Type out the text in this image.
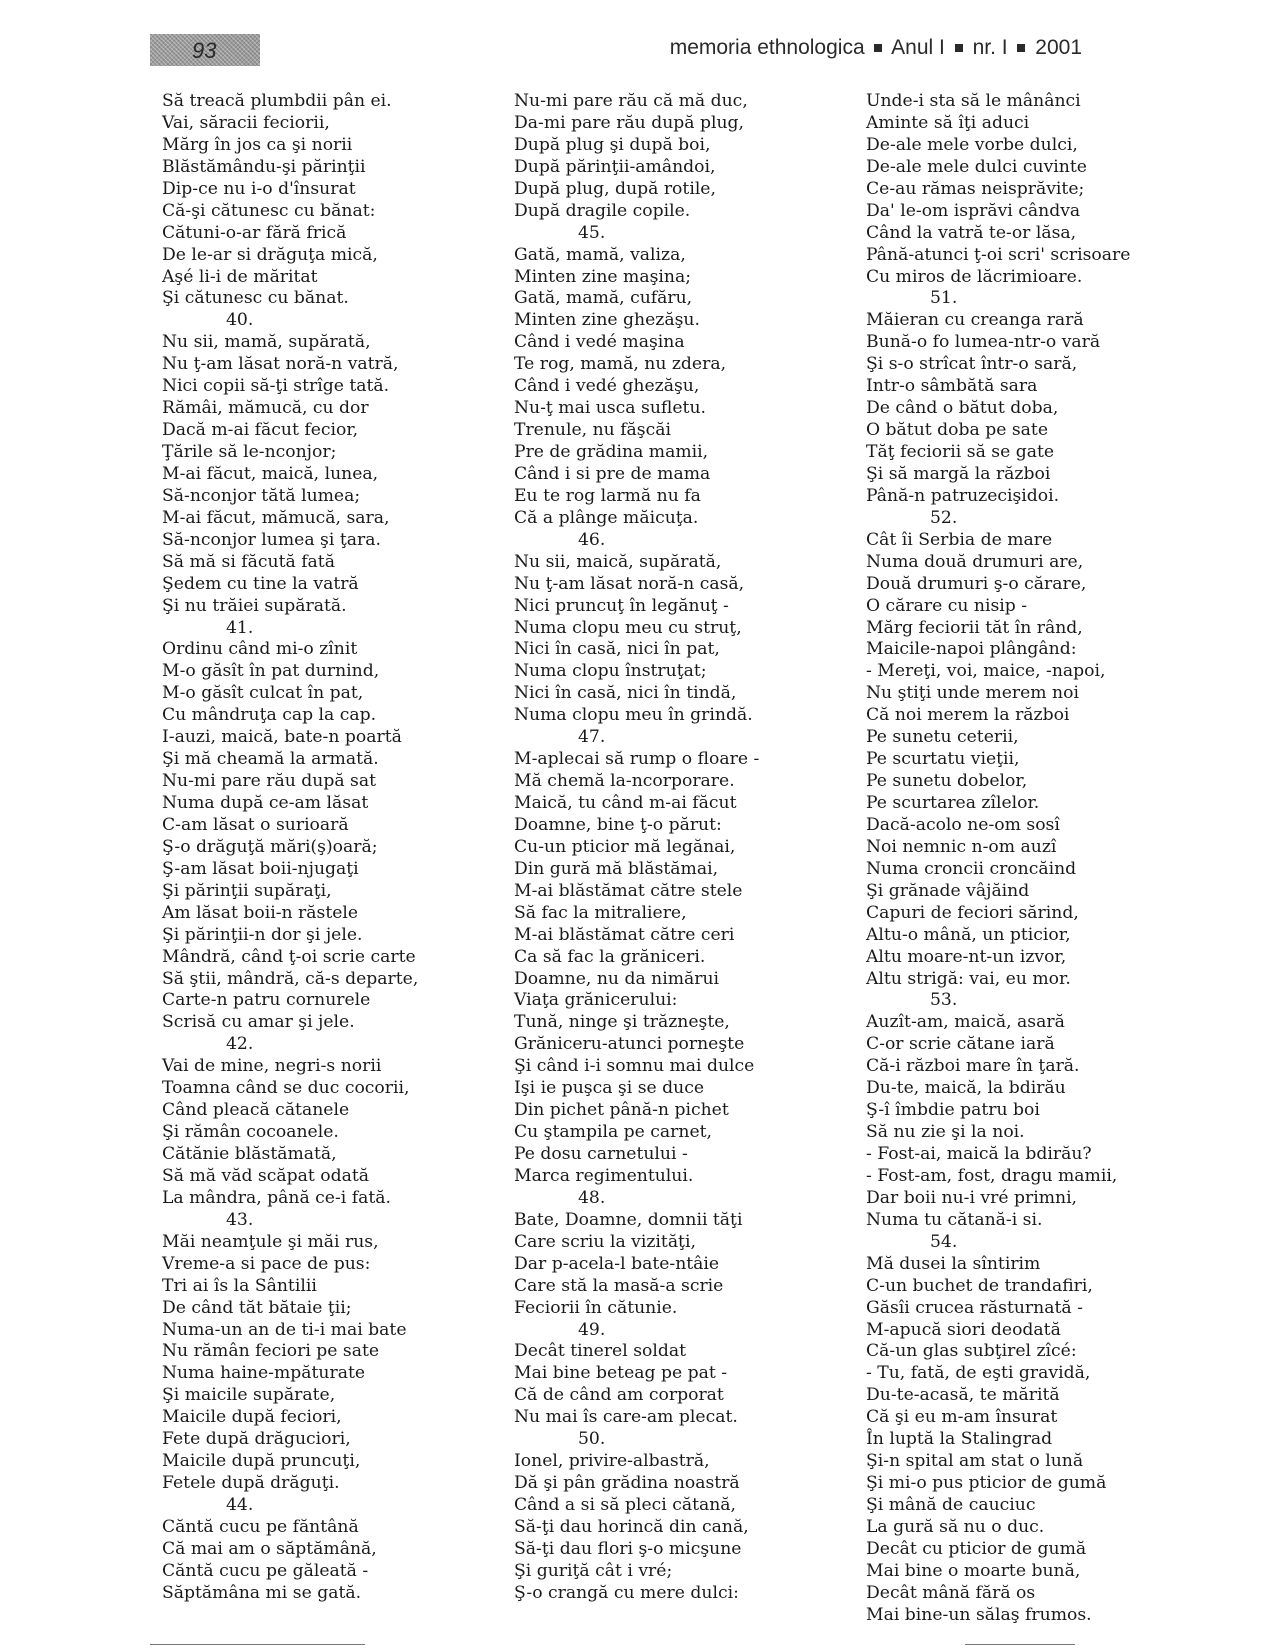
93	memoria ethnologica Anul I nr. I 2001
Să treacă plumbdii pân ei.
Vai, săracii feciorii,
Mărg în jos ca şi norii
Blăstămându-şi părinţii
Dip-ce nu i-o d'însurat
Că-şi cătunesc cu bănat:
Cătuni-o-ar fără frică
De le-ar si drăguţa mică,
Aşé li-i de măritat
Şi cătunesc cu bănat.
40.
Nu sii, mamă, supărată,
Nu ţ-am lăsat noră-n vatră,
Nici copii să-ţi strîge tată.
Rămâi, mămucă, cu dor
Dacă m-ai făcut fecior,
Ţările să le-nconjor;
M-ai făcut, maică, lunea,
Să-nconjor tătă lumea;
M-ai făcut, mămucă, sara,
Să-nconjor lumea şi ţara.
Să mă si făcută fată
Şedem cu tine la vatră
Şi nu trăiei supărată.
41.
Ordinu când mi-o zînit
M-o găsît în pat durnind,
M-o găsît culcat în pat,
Cu mândruţa cap la cap.
I-auzi, maică, bate-n poartă
Şi mă cheamă la armată.
Nu-mi pare rău după sat
Numa după ce-am lăsat
C-am lăsat o surioară
Ş-o drăguţă mări(ş)oară;
Ş-am lăsat boii-njugaţi
Şi părinţii supăraţi,
Am lăsat boii-n răstele
Şi părinţii-n dor şi jele.
Mândră, când ţ-oi scrie carte
Să ştii, mândră, că-s departe,
Carte-n patru cornurele
Scrisă cu amar şi jele.
42.
Vai de mine, negri-s norii
Toamna când se duc cocorii,
Când pleacă cătanele
Şi rămân cocoanele.
Cătănie blăstămată,
Să mă văd scăpat odată
La mândra, până ce-i fată.
43.
Măi neamţule şi măi rus,
Vreme-a si pace de pus:
Tri ai îs la Sântilii
De când tăt bătaie ţii;
Numa-un an de ti-i mai bate
Nu rămân feciori pe sate
Numa haine-mpăturate
Şi maicile supărate,
Maicile după feciori,
Fete după drăguciori,
Maicile după pruncuţi,
Fetele după drăguţi.
44.
Căntă cucu pe făntână
Că mai am o săptămână,
Căntă cucu pe găleată -
Săptămâna mi se gată.
Nu-mi pare rău că mă duc,
Da-mi pare rău după plug,
După plug şi după boi,
După părinţii-amândoi,
După plug, după rotile,
După dragile copile.
45.
Gată, mamă, valiza,
Minten zine maşina;
Gată, mamă, cufăru,
Minten zine ghezăşu.
Când i vedé maşina
Te rog, mamă, nu zdera,
Când i vedé ghezăşu,
Nu-ţ mai usca sufletu.
Trenule, nu făşcăi
Pre de grădina mamii,
Când i si pre de mama
Eu te rog larmă nu fa
Că a plânge măicuţa.
46.
Nu sii, maică, supărată,
Nu ţ-am lăsat noră-n casă,
Nici pruncuţ în legănuţ -
Numa clopu meu cu struţ,
Nici în casă, nici în pat,
Numa clopu înstruţat;
Nici în casă, nici în tindă,
Numa clopu meu în grindă.
47.
M-aplecai să rump o floare -
Mă chemă la-ncorporare.
Maică, tu când m-ai făcut
Doamne, bine ţ-o părut:
Cu-un pticior mă legănai,
Din gură mă blăstămai,
M-ai blăstămat către stele
Să fac la mitraliere,
M-ai blăstămat către ceri
Ca să fac la grăniceri.
Doamne, nu da nimărui
Viaţa grănicerului:
Tună, ninge şi trăzneşte,
Grăniceru-atunci porneşte
Şi când i-i somnu mai dulce
Işi ie puşca şi se duce
Din pichet până-n pichet
Cu ştampila pe carnet,
Pe dosu carnetului -
Marca regimentului.
48.
Bate, Doamne, domnii tăţi
Care scriu la vizităţi,
Dar p-acela-l bate-ntâie
Care stă la masă-a scrie
Feciorii în cătunie.
49.
Decât tinerel soldat
Mai bine beteag pe pat -
Că de când am corporat
Nu mai îs care-am plecat.
50.
Ionel, privire-albastră,
Dă şi pân grădina noastră
Când a si să pleci cătană,
Să-ţi dau horincă din cană,
Să-ţi dau flori ş-o micşune
Şi guriţă cât i vré;
Ş-o crangă cu mere dulci:
Unde-i sta să le mânânci
Aminte să îţi aduci
De-ale mele vorbe dulci,
De-ale mele dulci cuvinte
Ce-au rămas neisprăvite;
Da' le-om isprăvi cândva
Când la vatră te-or lăsa,
Până-atunci ţ-oi scri' scrisoare
Cu miros de lăcrimioare.
51.
Măieran cu creanga rară
Bună-o fo lumea-ntr-o vară
Şi s-o strîcat într-o sară,
Intr-o sâmbătă sara
De când o bătut doba,
O bătut doba pe sate
Tăţ feciorii să se gate
Şi să margă la război
Până-n patruzecişidoi.
52.
Cât îi Serbia de mare
Numa două drumuri are,
Două drumuri ş-o cărare,
O cărare cu nisip -
Mărg feciorii tăt în rând,
Maicile-napoi plângând:
- Mereţi, voi, maice, -napoi,
Nu ştiţi unde merem noi
Că noi merem la război
Pe sunetu ceterii,
Pe scurtatu vieţii,
Pe sunetu dobelor,
Pe scurtarea zîlelor.
Dacă-acolo ne-om sosî
Noi nemnic n-om auzî
Numa croncii croncăind
Şi grănade vâjăind
Capuri de feciori sărind,
Altu-o mână, un pticior,
Altu moare-nt-un izvor,
Altu strigă: vai, eu mor.
53.
Auzît-am, maică, asară
C-or scrie cătane iară
Că-i război mare în ţară.
Du-te, maică, la bdirău
Ş-î îmbdie patru boi
Să nu zie şi la noi.
- Fost-ai, maică la bdirău?
- Fost-am, fost, dragu mamii,
Dar boii nu-i vré primni,
Numa tu cătană-i si.
54.
Mă dusei la sîntirim
C-un buchet de trandafiri,
Găsîi crucea răsturnată -
M-apucă siori deodată
Că-un glas subţirel zîcé:
- Tu, fată, de eşti gravidă,
Du-te-acasă, te mărită
Că şi eu m-am însurat
În luptă la Stalingrad
Şi-n spital am stat o lună
Şi mi-o pus pticior de gumă
Şi mână de cauciuc
La gură să nu o duc.
Decât cu pticior de gumă
Mai bine o moarte bună,
Decât mână fără os
Mai bine-un sălaş frumos.
